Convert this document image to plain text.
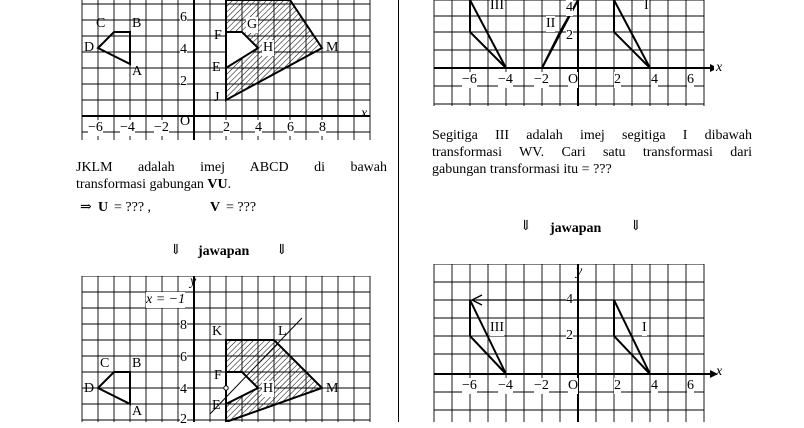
C B
D
A
F
E
G
H	M
J
6
4
2
O
x
−6 −4 −2	2 4 6 8
JKLM adalah imej ABCD di bawah
transformasi gabungan VU.
⇒ U = ??? ,	V = ???
⇓ jawapan ⇓
y
x = −1
8
6
4
2
K	L
C B
D
A
F
E
H	M
III
II
I
2
x
−6 −4 −2 O	2 4 6
Segitiga III adalah imej segitiga I dibawah
transformasi WV. Cari satu transformasi dari
gabungan transformasi itu = ???
⇓ jawapan ⇓
y
4
2
III	I
x
−6 −4 −2 O	2 4 6
4
